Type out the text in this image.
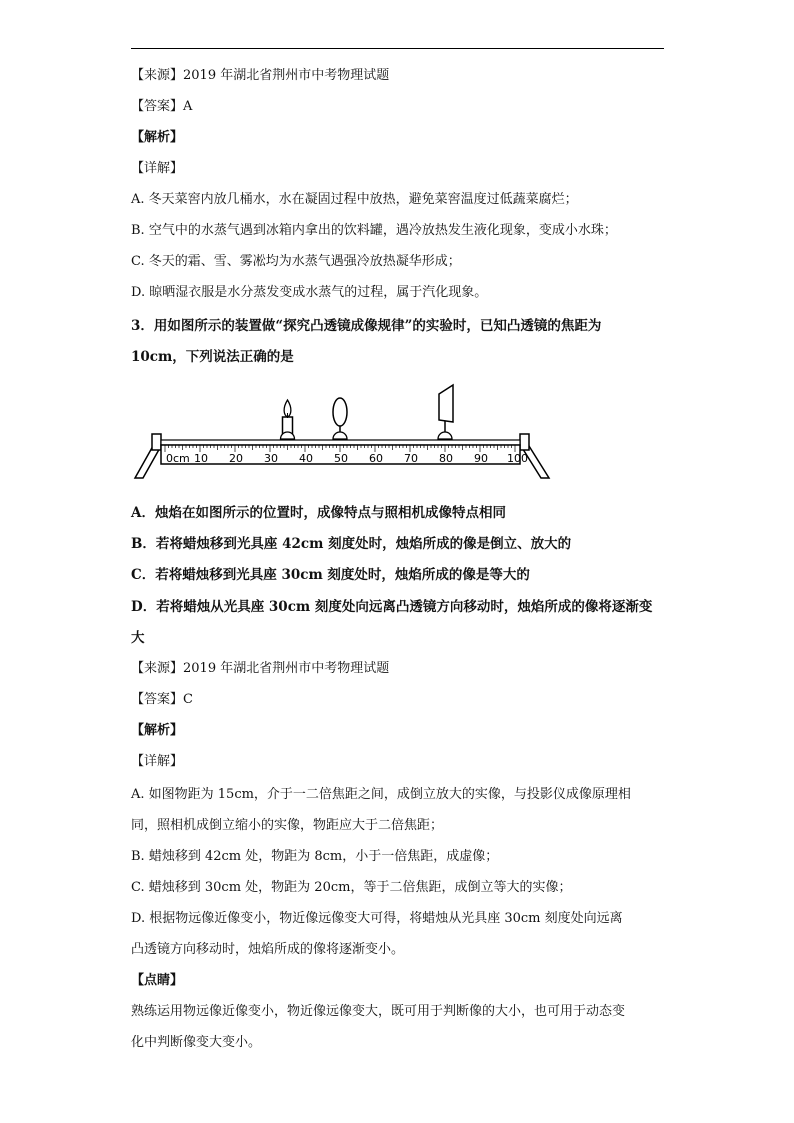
【来源】2019 年湖北省荆州市中考物理试题
【答案】A
【解析】
【详解】
A. 冬天菜窖内放几桶水，水在凝固过程中放热，避免菜窖温度过低蔬菜腐烂；
B. 空气中的水蒸气遇到冰箱内拿出的饮料罐，遇冷放热发生液化现象，变成小水珠；
C. 冬天的霜、雪、雾凇均为水蒸气遇强冷放热凝华形成；
D. 晾晒湿衣服是水分蒸发变成水蒸气的过程，属于汽化现象。
3．用如图所示的装置做“探究凸透镜成像规律”的实验时，已知凸透镜的焦距为
10cm，下列说法正确的是
0cm 10 20 30 40 50 60 70 80 90 100
A．烛焰在如图所示的位置时，成像特点与照相机成像特点相同
B．若将蜡烛移到光具座 42cm 刻度处时，烛焰所成的像是倒立、放大的
C．若将蜡烛移到光具座 30cm 刻度处时，烛焰所成的像是等大的
D．若将蜡烛从光具座 30cm 刻度处向远离凸透镜方向移动时，烛焰所成的像将逐渐变
大
【来源】2019 年湖北省荆州市中考物理试题
【答案】C
【解析】
【详解】
A. 如图物距为 15cm，介于一二倍焦距之间，成倒立放大的实像，与投影仪成像原理相
同，照相机成倒立缩小的实像，物距应大于二倍焦距；
B. 蜡烛移到 42cm 处，物距为 8cm，小于一倍焦距，成虚像；
C. 蜡烛移到 30cm 处，物距为 20cm，等于二倍焦距，成倒立等大的实像；
D. 根据物远像近像变小，物近像远像变大可得，将蜡烛从光具座 30cm 刻度处向远离
凸透镜方向移动时，烛焰所成的像将逐渐变小。
【点睛】
熟练运用物远像近像变小，物近像远像变大，既可用于判断像的大小，也可用于动态变
化中判断像变大变小。
